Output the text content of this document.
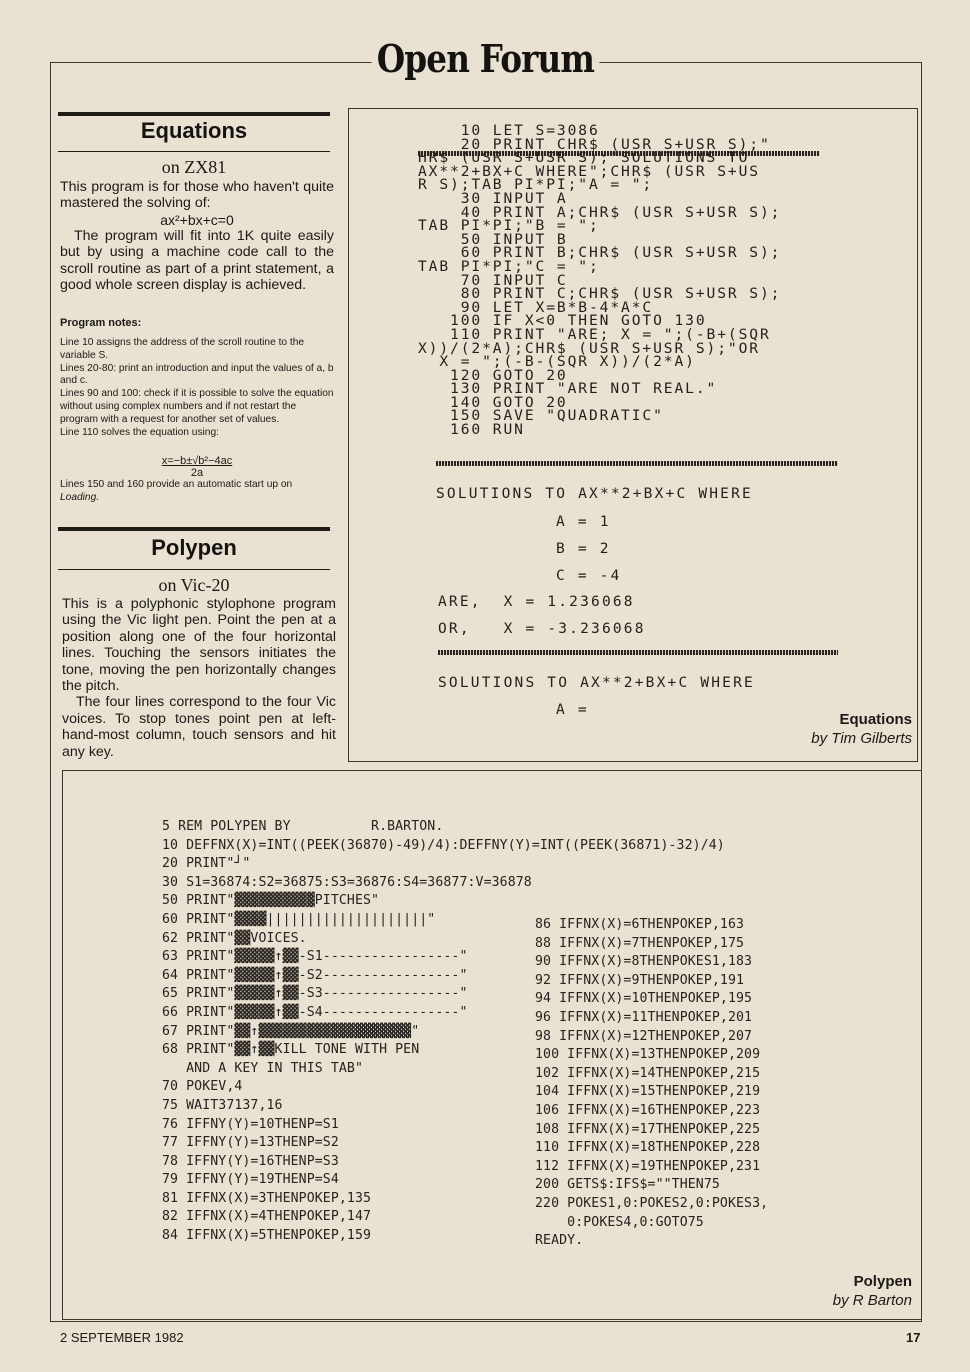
Open Forum
Equations
on ZX81

This program is for those who haven't quite mastered the solving of:

ax²+bx+c=0

The program will fit into 1K quite easily but by using a machine code call to the scroll routine as part of a print statement, a good whole screen display is achieved.

Program notes:

Line 10 assigns the address of the scroll routine to the variable S.

Lines 20-80: print an introduction and input the values of a, b and c.

Lines 90 and 100: check if it is possible to solve the equation without using complex numbers and if not restart the program with a request for another set of values.

Line 110 solves the equation using:

$\frac{\text{x=−b±√b²−4ac}}{2a}$

Lines 150 and 160 provide an automatic start up on
Loading.

Polypen
on Vic-20

This is a polyphonic stylophone program using the Vic light pen. Point the pen at a position along one of the four horizontal lines. Touching the sensors initiates the tone, moving the pen horizontally changes the pitch.

The four lines correspond to the four Vic voices. To stop tones point pen at left-hand-most column, touch sensors and hit any key.

10 LET S=3086
20 PRINT CHR$ (USR S+USR S);"
HR$ (USR S+USR S);"SOLUTIONS TO
AX**2+BX+C WHERE";CHR$ (USR S+US
R S);TAB PI*PI;"A = ";
30 INPUT A
40 PRINT A;CHR$ (USR S+USR S);
TAB PI*PI;"B = ";
50 INPUT B
60 PRINT B;CHR$ (USR S+USR S);
TAB PI*PI;"C = ";
70 INPUT C
80 PRINT C;CHR$ (USR S+USR S);
90 LET X=B*B-4*A*C
100 IF X<0 THEN GOTO 130
110 PRINT "ARE; X = ";(-B+(SQR
X))/(2*A);CHR$ (USR S+USR S);"OR
X = ";(-B-(SQR X))/(2*A)
120 GOTO 20
130 PRINT "ARE NOT REAL."
140 GOTO 20
150 SAVE "QUADRATIC"
160 RUN
SOLUTIONS TO AX**2+BX+C WHERE
A = 1
B = 2
C = -4
ARE,  X = 1.236068
OR,   X = -3.236068
SOLUTIONS TO AX**2+BX+C WHERE
A =
Equations
by Tim Gilberts
5 REM POLYPEN BY          R.BARTON.
10 DEFFNX(X)=INT((PEEK(36870)-49)/4):DEFFNY(Y)=INT((PEEK(36871)-32)/4)
20 PRINT"┘"
30 S1=36874:S2=36875:S3=36876:S4=36877:V=36878
50 PRINT"▓▓▓▓▓▓▓▓▓▓PITCHES"
60 PRINT"▓▓▓▓||||||||||||||||||||"
62 PRINT"▓▓VOICES.
63 PRINT"▓▓▓▓▓↑▓▓-S1-----------------"
64 PRINT"▓▓▓▓▓↑▓▓-S2-----------------"
65 PRINT"▓▓▓▓▓↑▓▓-S3-----------------"
66 PRINT"▓▓▓▓▓↑▓▓-S4-----------------"
67 PRINT"▓▓↑▓▓▓▓▓▓▓▓▓▓▓▓▓▓▓▓▓▓▓"
68 PRINT"▓▓↑▓▓KILL TONE WITH PEN
AND A KEY IN THIS TAB"
70 POKEV,4
75 WAIT37137,16
76 IFFNY(Y)=10THENP=S1
77 IFFNY(Y)=13THENP=S2
78 IFFNY(Y)=16THENP=S3
79 IFFNY(Y)=19THENP=S4
81 IFFNX(X)=3THENPOKEP,135
82 IFFNX(X)=4THENPOKEP,147
84 IFFNX(X)=5THENPOKEP,159
86 IFFNX(X)=6THENPOKEP,163
88 IFFNX(X)=7THENPOKEP,175
90 IFFNX(X)=8THENPOKES1,183
92 IFFNX(X)=9THENPOKEP,191
94 IFFNX(X)=10THENPOKEP,195
96 IFFNX(X)=11THENPOKEP,201
98 IFFNX(X)=12THENPOKEP,207
100 IFFNX(X)=13THENPOKEP,209
102 IFFNX(X)=14THENPOKEP,215
104 IFFNX(X)=15THENPOKEP,219
106 IFFNX(X)=16THENPOKEP,223
108 IFFNX(X)=17THENPOKEP,225
110 IFFNX(X)=18THENPOKEP,228
112 IFFNX(X)=19THENPOKEP,231
200 GETS$:IFS$=""THEN75
220 POKES1,0:POKES2,0:POKES3,
0:POKES4,0:GOTO75
READY.
Polypen
by R Barton
2 SEPTEMBER 1982	17
